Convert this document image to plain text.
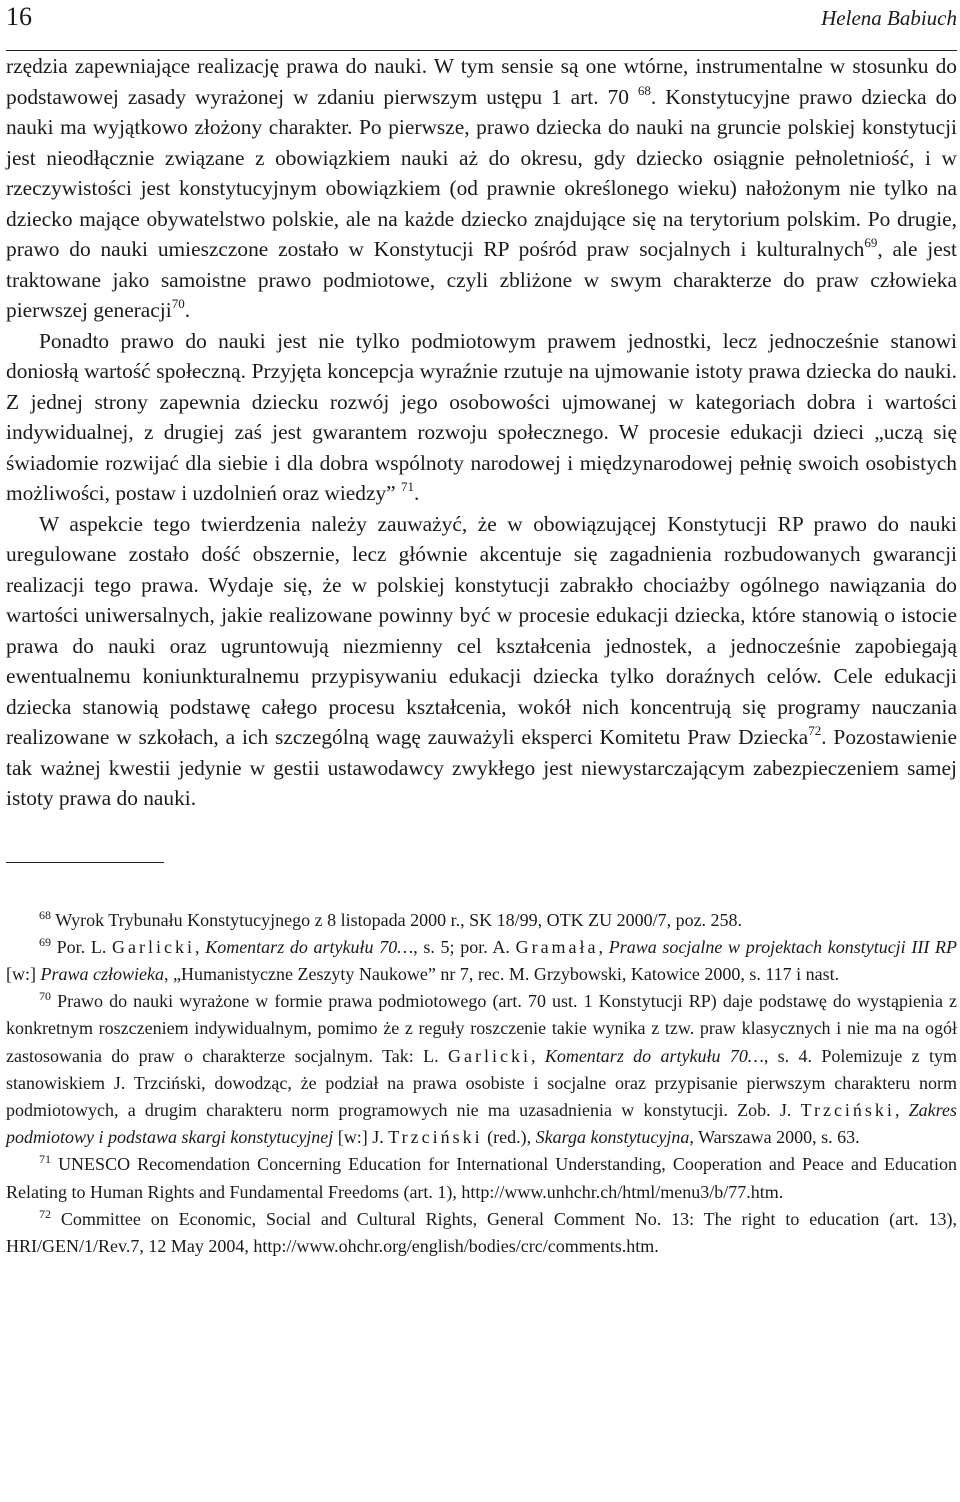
16	Helena Babiuch

rzędzia zapewniające realizację prawa do nauki. W tym sensie są one wtórne, instrumentalne w stosunku do podstawowej zasady wyrażonej w zdaniu pierwszym ustępu 1 art. 70 $^{68}$. Konstytucyjne prawo dziecka do nauki ma wyjątkowo złożony charakter. Po pierwsze, prawo dziecka do nauki na gruncie polskiej konstytucji jest nieodłącznie związane z obowiązkiem nauki aż do okresu, gdy dziecko osiągnie pełnoletniość, i w rzeczywistości jest konstytucyjnym obowiązkiem (od prawnie określonego wieku) nałożonym nie tylko na dziecko mające obywatelstwo polskie, ale na każde dziecko znajdujące się na terytorium polskim. Po drugie, prawo do nauki umieszczone zostało w Konstytucji RP pośród praw socjalnych i kulturalnych$^{69}$, ale jest traktowane jako samoistne prawo podmiotowe, czyli zbliżone w swym charakterze do praw człowieka pierwszej generacji$^{70}$.

Ponadto prawo do nauki jest nie tylko podmiotowym prawem jednostki, lecz jednocześnie stanowi doniosłą wartość społeczną. Przyjęta koncepcja wyraźnie rzutuje na ujmowanie istoty prawa dziecka do nauki. Z jednej strony zapewnia dziecku rozwój jego osobowości ujmowanej w kategoriach dobra i wartości indywidualnej, z drugiej zaś jest gwarantem rozwoju społecznego. W procesie edukacji dzieci „uczą się świadomie rozwijać dla siebie i dla dobra wspólnoty narodowej i międzynarodowej pełnię swoich osobistych możliwości, postaw i uzdolnień oraz wiedzy” $^{71}$.

W aspekcie tego twierdzenia należy zauważyć, że w obowiązującej Konstytucji RP prawo do nauki uregulowane zostało dość obszernie, lecz głównie akcentuje się zagadnienia rozbudowanych gwarancji realizacji tego prawa. Wydaje się, że w polskiej konstytucji zabrakło chociażby ogólnego nawiązania do wartości uniwersalnych, jakie realizowane powinny być w procesie edukacji dziecka, które stanowią o istocie prawa do nauki oraz ugruntowują niezmienny cel kształcenia jednostek, a jednocześnie zapobiegają ewentualnemu koniunkturalnemu przypisywaniu edukacji dziecka tylko doraźnych celów. Cele edukacji dziecka stanowią podstawę całego procesu kształcenia, wokół nich koncentrują się programy nauczania realizowane w szkołach, a ich szczególną wagę zauważyli eksperci Komitetu Praw Dziecka$^{72}$. Pozostawienie tak ważnej kwestii jedynie w gestii ustawodawcy zwykłego jest niewystarczającym zabezpieczeniem samej istoty prawa do nauki.

$^{68}$ Wyrok Trybunału Konstytucyjnego z 8 listopada 2000 r., SK 18/99, OTK ZU 2000/7, poz. 258.

$^{69}$ Por. L. Garlicki, Komentarz do artykułu 70…, s. 5; por. A. Gramała, Prawa socjalne w projektach konstytucji III RP [w:] Prawa człowieka, „Humanistyczne Zeszyty Naukowe” nr 7, rec. M. Grzybowski, Katowice 2000, s. 117 i nast.

$^{70}$ Prawo do nauki wyrażone w formie prawa podmiotowego (art. 70 ust. 1 Konstytucji RP) daje podstawę do wystąpienia z konkretnym roszczeniem indywidualnym, pomimo że z reguły roszczenie takie wynika z tzw. praw klasycznych i nie ma na ogół zastosowania do praw o charakterze socjalnym. Tak: L. Garlicki, Komentarz do artykułu 70…, s. 4. Polemizuje z tym stanowiskiem J. Trzciński, dowodząc, że podział na prawa osobiste i socjalne oraz przypisanie pierwszym charakteru norm podmiotowych, a drugim charakteru norm programowych nie ma uzasadnienia w konstytucji. Zob. J. Trzciński, Zakres podmiotowy i podstawa skargi konstytucyjnej [w:] J. Trzciński (red.), Skarga konstytucyjna, Warszawa 2000, s. 63.

$^{71}$ UNESCO Recomendation Concerning Education for International Understanding, Cooperation and Peace and Education Relating to Human Rights and Fundamental Freedoms (art. 1), http://www.unhchr.ch/html/menu3/b/77.htm.

$^{72}$ Committee on Economic, Social and Cultural Rights, General Comment No. 13: The right to education (art. 13), HRI/GEN/1/Rev.7, 12 May 2004, http://www.ohchr.org/english/bodies/crc/comments.htm.
